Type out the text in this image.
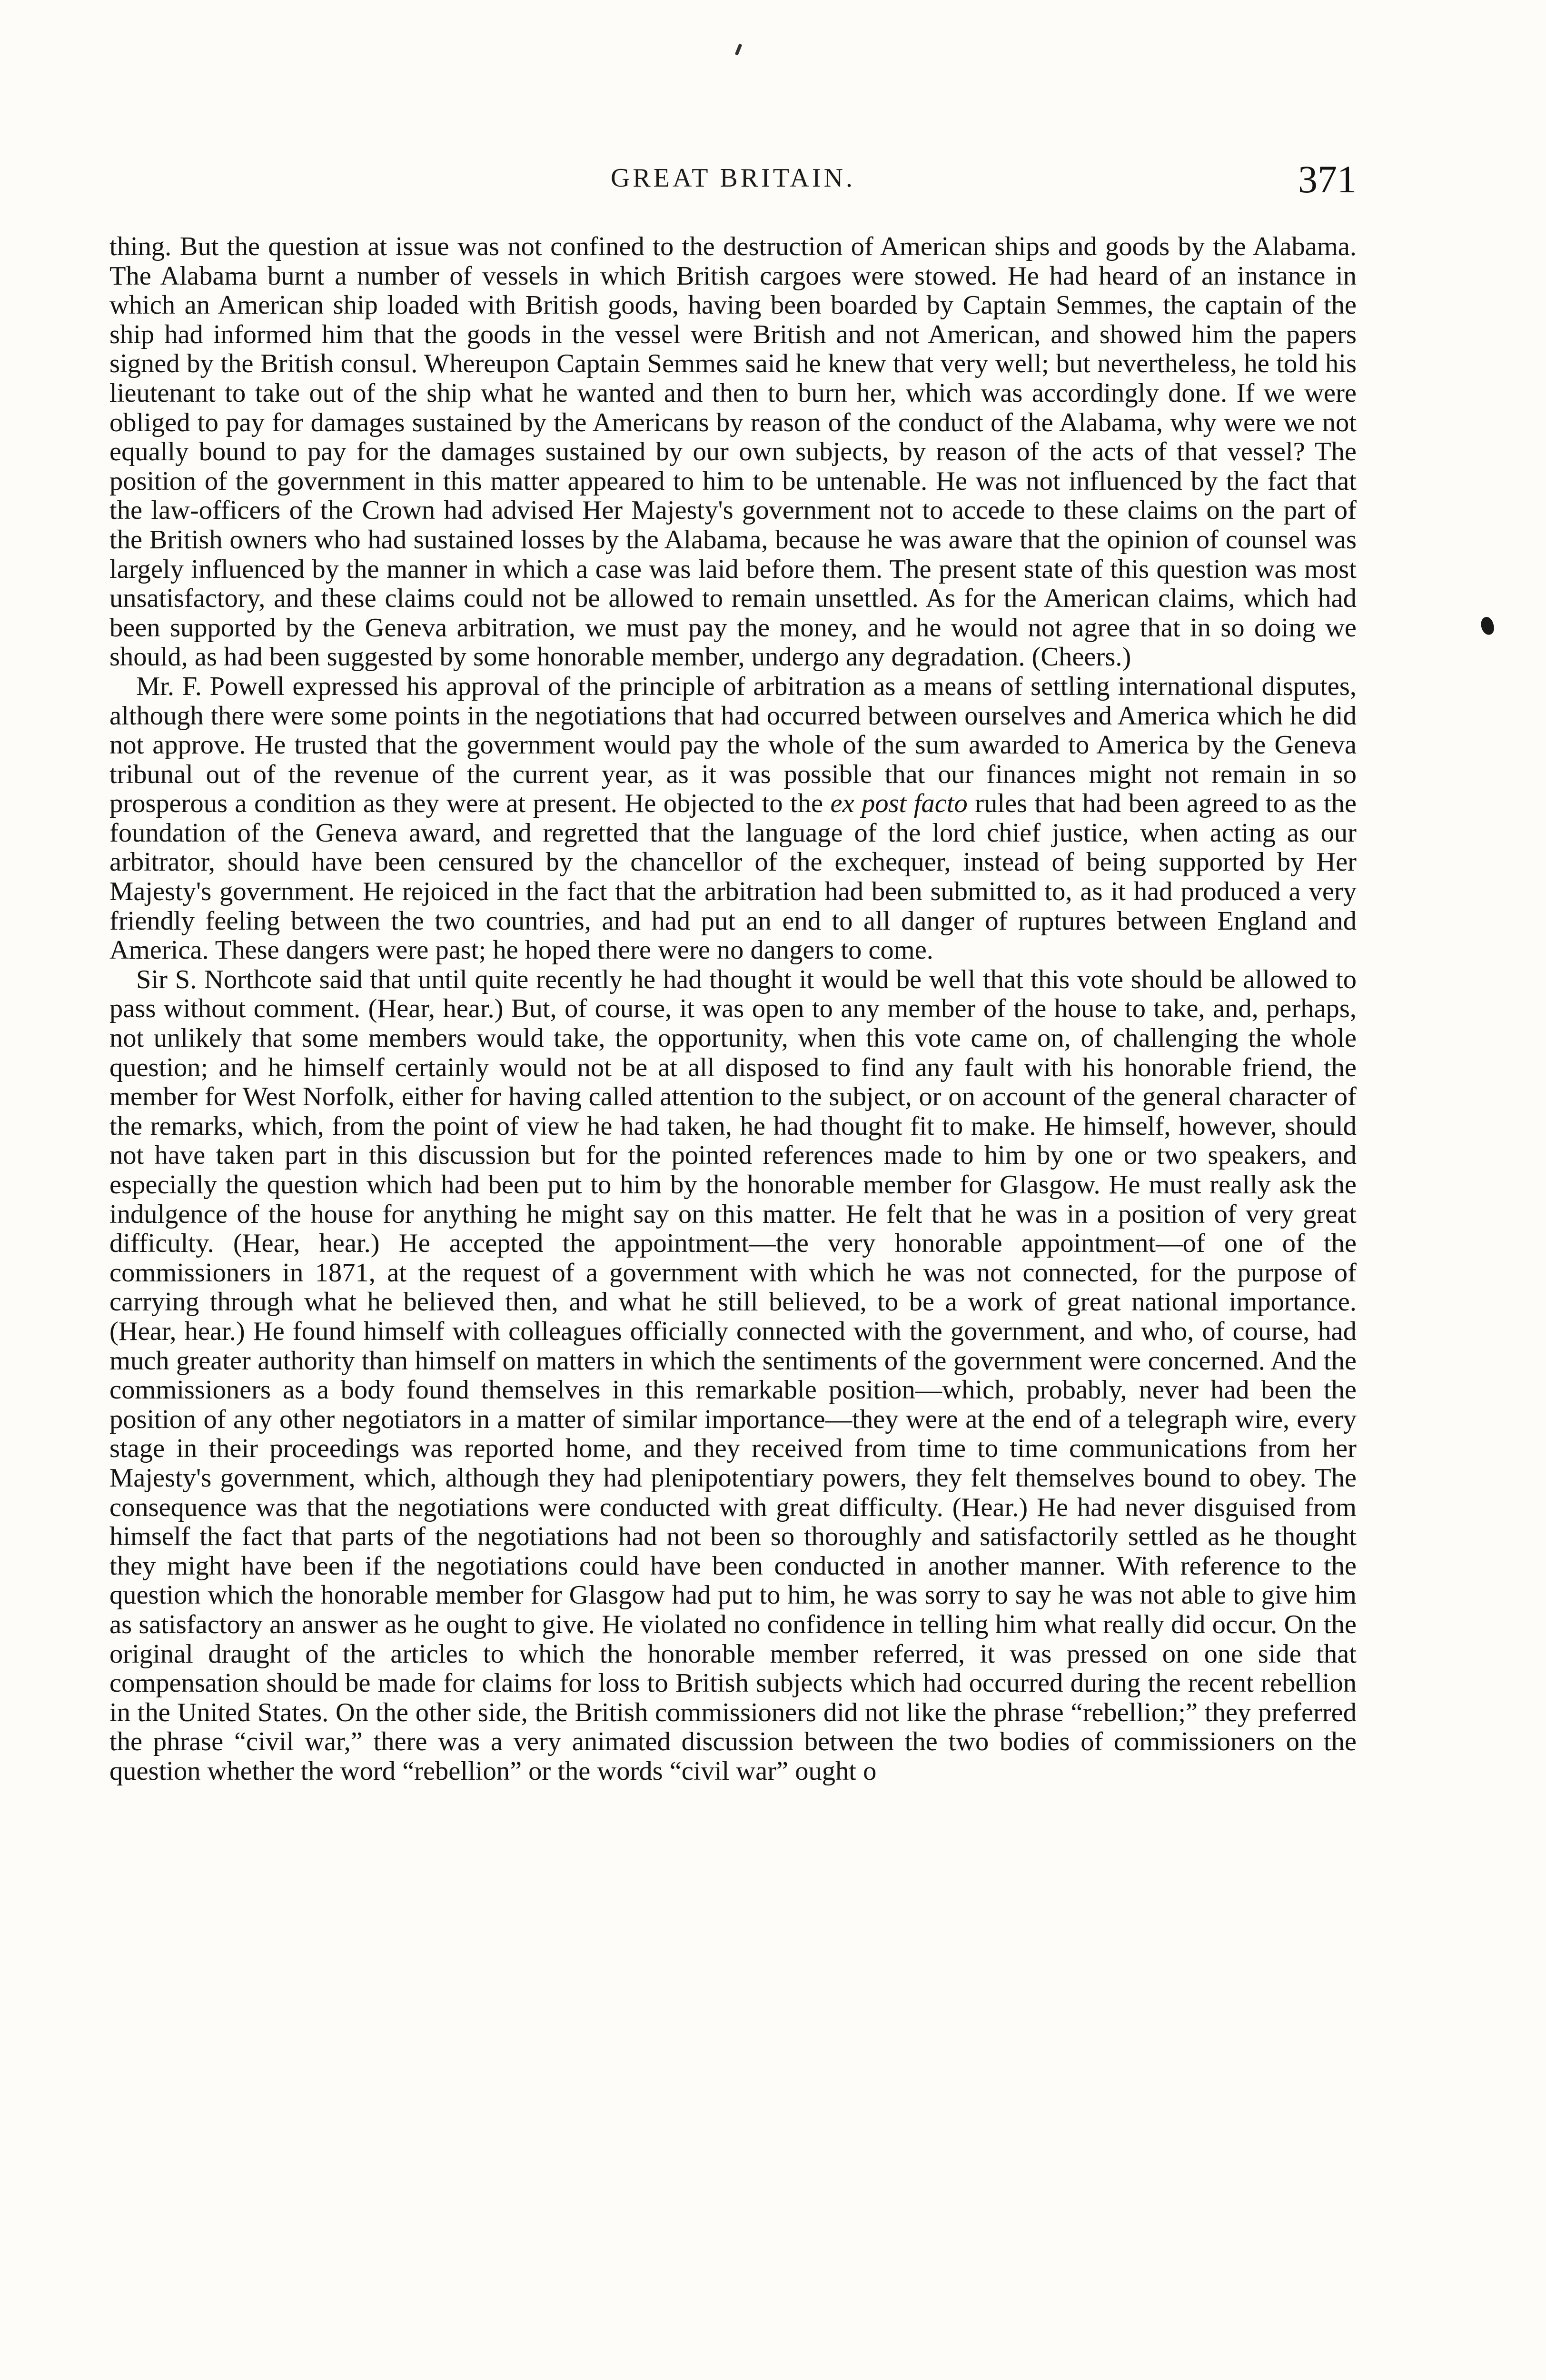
GREAT BRITAIN.	371

thing. But the question at issue was not confined to the destruction of American ships and goods by the Alabama. The Alabama burnt a number of vessels in which British cargoes were stowed. He had heard of an instance in which an American ship loaded with British goods, having been boarded by Captain Semmes, the captain of the ship had informed him that the goods in the vessel were British and not American, and showed him the papers signed by the British consul. Whereupon Captain Semmes said he knew that very well; but nevertheless, he told his lieutenant to take out of the ship what he wanted and then to burn her, which was accordingly done. If we were obliged to pay for damages sustained by the Americans by reason of the conduct of the Alabama, why were we not equally bound to pay for the damages sustained by our own subjects, by reason of the acts of that vessel? The position of the government in this matter appeared to him to be untenable. He was not influenced by the fact that the law-officers of the Crown had advised Her Majesty's government not to accede to these claims on the part of the British owners who had sustained losses by the Alabama, because he was aware that the opinion of counsel was largely influenced by the manner in which a case was laid before them. The present state of this question was most unsatisfactory, and these claims could not be allowed to remain unsettled. As for the American claims, which had been supported by the Geneva arbitration, we must pay the money, and he would not agree that in so doing we should, as had been suggested by some honorable member, undergo any degradation. (Cheers.)

Mr. F. Powell expressed his approval of the principle of arbitration as a means of settling international disputes, although there were some points in the negotiations that had occurred between ourselves and America which he did not approve. He trusted that the government would pay the whole of the sum awarded to America by the Geneva tribunal out of the revenue of the current year, as it was possible that our finances might not remain in so prosperous a condition as they were at present. He objected to the ex post facto rules that had been agreed to as the foundation of the Geneva award, and regretted that the language of the lord chief justice, when acting as our arbitrator, should have been censured by the chancellor of the exchequer, instead of being supported by Her Majesty's government. He rejoiced in the fact that the arbitration had been submitted to, as it had produced a very friendly feeling between the two countries, and had put an end to all danger of ruptures between England and America. These dangers were past; he hoped there were no dangers to come.

Sir S. Northcote said that until quite recently he had thought it would be well that this vote should be allowed to pass without comment. (Hear, hear.) But, of course, it was open to any member of the house to take, and, perhaps, not unlikely that some members would take, the opportunity, when this vote came on, of challenging the whole question; and he himself certainly would not be at all disposed to find any fault with his honorable friend, the member for West Norfolk, either for having called attention to the subject, or on account of the general character of the remarks, which, from the point of view he had taken, he had thought fit to make. He himself, however, should not have taken part in this discussion but for the pointed references made to him by one or two speakers, and especially the question which had been put to him by the honorable member for Glasgow. He must really ask the indulgence of the house for anything he might say on this matter. He felt that he was in a position of very great difficulty. (Hear, hear.) He accepted the appointment—the very honorable appointment—of one of the commissioners in 1871, at the request of a government with which he was not connected, for the purpose of carrying through what he believed then, and what he still believed, to be a work of great national importance. (Hear, hear.) He found himself with colleagues officially connected with the government, and who, of course, had much greater authority than himself on matters in which the sentiments of the government were concerned. And the commissioners as a body found themselves in this remarkable position—which, probably, never had been the position of any other negotiators in a matter of similar importance—they were at the end of a telegraph wire, every stage in their proceedings was reported home, and they received from time to time communications from her Majesty's government, which, although they had plenipotentiary powers, they felt themselves bound to obey. The consequence was that the negotiations were conducted with great difficulty. (Hear.) He had never disguised from himself the fact that parts of the negotiations had not been so thoroughly and satisfactorily settled as he thought they might have been if the negotiations could have been conducted in another manner. With reference to the question which the honorable member for Glasgow had put to him, he was sorry to say he was not able to give him as satisfactory an answer as he ought to give. He violated no confidence in telling him what really did occur. On the original draught of the articles to which the honorable member referred, it was pressed on one side that compensation should be made for claims for loss to British subjects which had occurred during the recent rebellion in the United States. On the other side, the British commissioners did not like the phrase “rebellion;” they preferred the phrase “civil war,” there was a very animated discussion between the two bodies of commissioners on the question whether the word “rebellion” or the words “civil war” ought o
